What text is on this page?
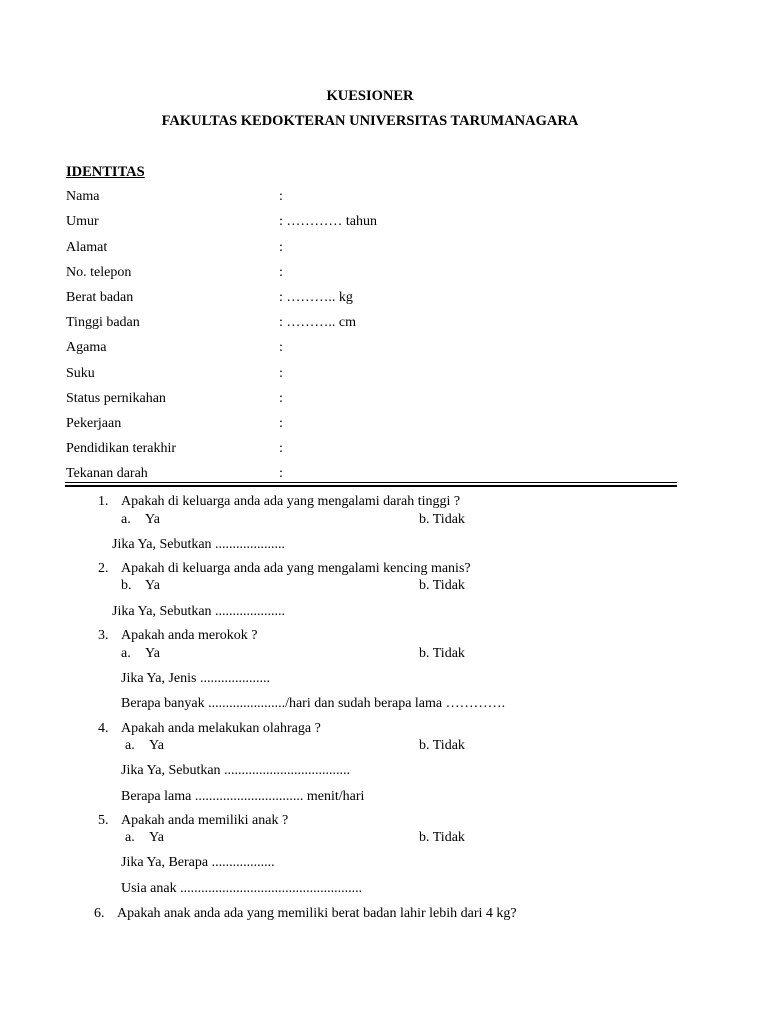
KUESIONER
FAKULTAS KEDOKTERAN UNIVERSITAS TARUMANAGARA
IDENTITAS
Nama	:
Umur	: ………… tahun
Alamat	:
No. telepon	:
Berat badan	: ……….. kg
Tinggi badan	: ……….. cm
Agama	:
Suku	:
Status pernikahan	:
Pekerjaan	:
Pendidikan terakhir	:
Tekanan darah	:
1. Apakah di keluarga anda ada yang mengalami darah tinggi ?
a. Ya	b. Tidak
Jika Ya, Sebutkan ....................
2. Apakah di keluarga anda ada yang mengalami kencing manis?
b. Ya	b. Tidak
Jika Ya, Sebutkan ....................
3. Apakah anda merokok ?
a. Ya	b. Tidak
Jika Ya, Jenis ....................
Berapa banyak ....................../hari dan sudah berapa lama ………….
4. Apakah anda melakukan olahraga ?
a. Ya	b. Tidak
Jika Ya, Sebutkan ....................................
Berapa lama ............................... menit/hari
5. Apakah anda memiliki anak ?
a. Ya	b. Tidak
Jika Ya, Berapa ..................
Usia anak ....................................................
6. Apakah anak anda ada yang memiliki berat badan lahir lebih dari 4 kg?
